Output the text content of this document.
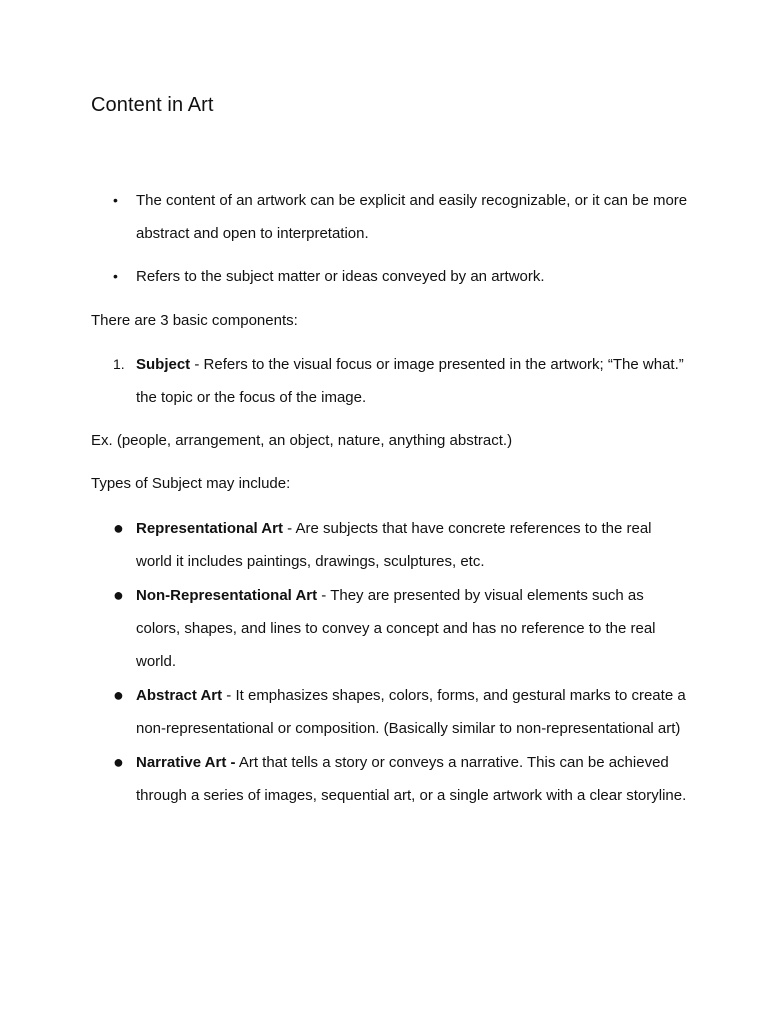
Content in Art
• The content of an artwork can be explicit and easily recognizable, or it can be more abstract and open to interpretation.
• Refers to the subject matter or ideas conveyed by an artwork.

There are 3 basic components:

1. Subject - Refers to the visual focus or image presented in the artwork; “The what.” the topic or the focus of the image.

Ex. (people, arrangement, an object, nature, anything abstract.)

Types of Subject may include:

● Representational Art - Are subjects that have concrete references to the real world it includes paintings, drawings, sculptures, etc.
● Non-Representational Art - They are presented by visual elements such as colors, shapes, and lines to convey a concept and has no reference to the real world.
● Abstract Art - It emphasizes shapes, colors, forms, and gestural marks to create a non-representational or composition. (Basically similar to non-representational art)
● Narrative Art - Art that tells a story or conveys a narrative. This can be achieved through a series of images, sequential art, or a single artwork with a clear storyline.
